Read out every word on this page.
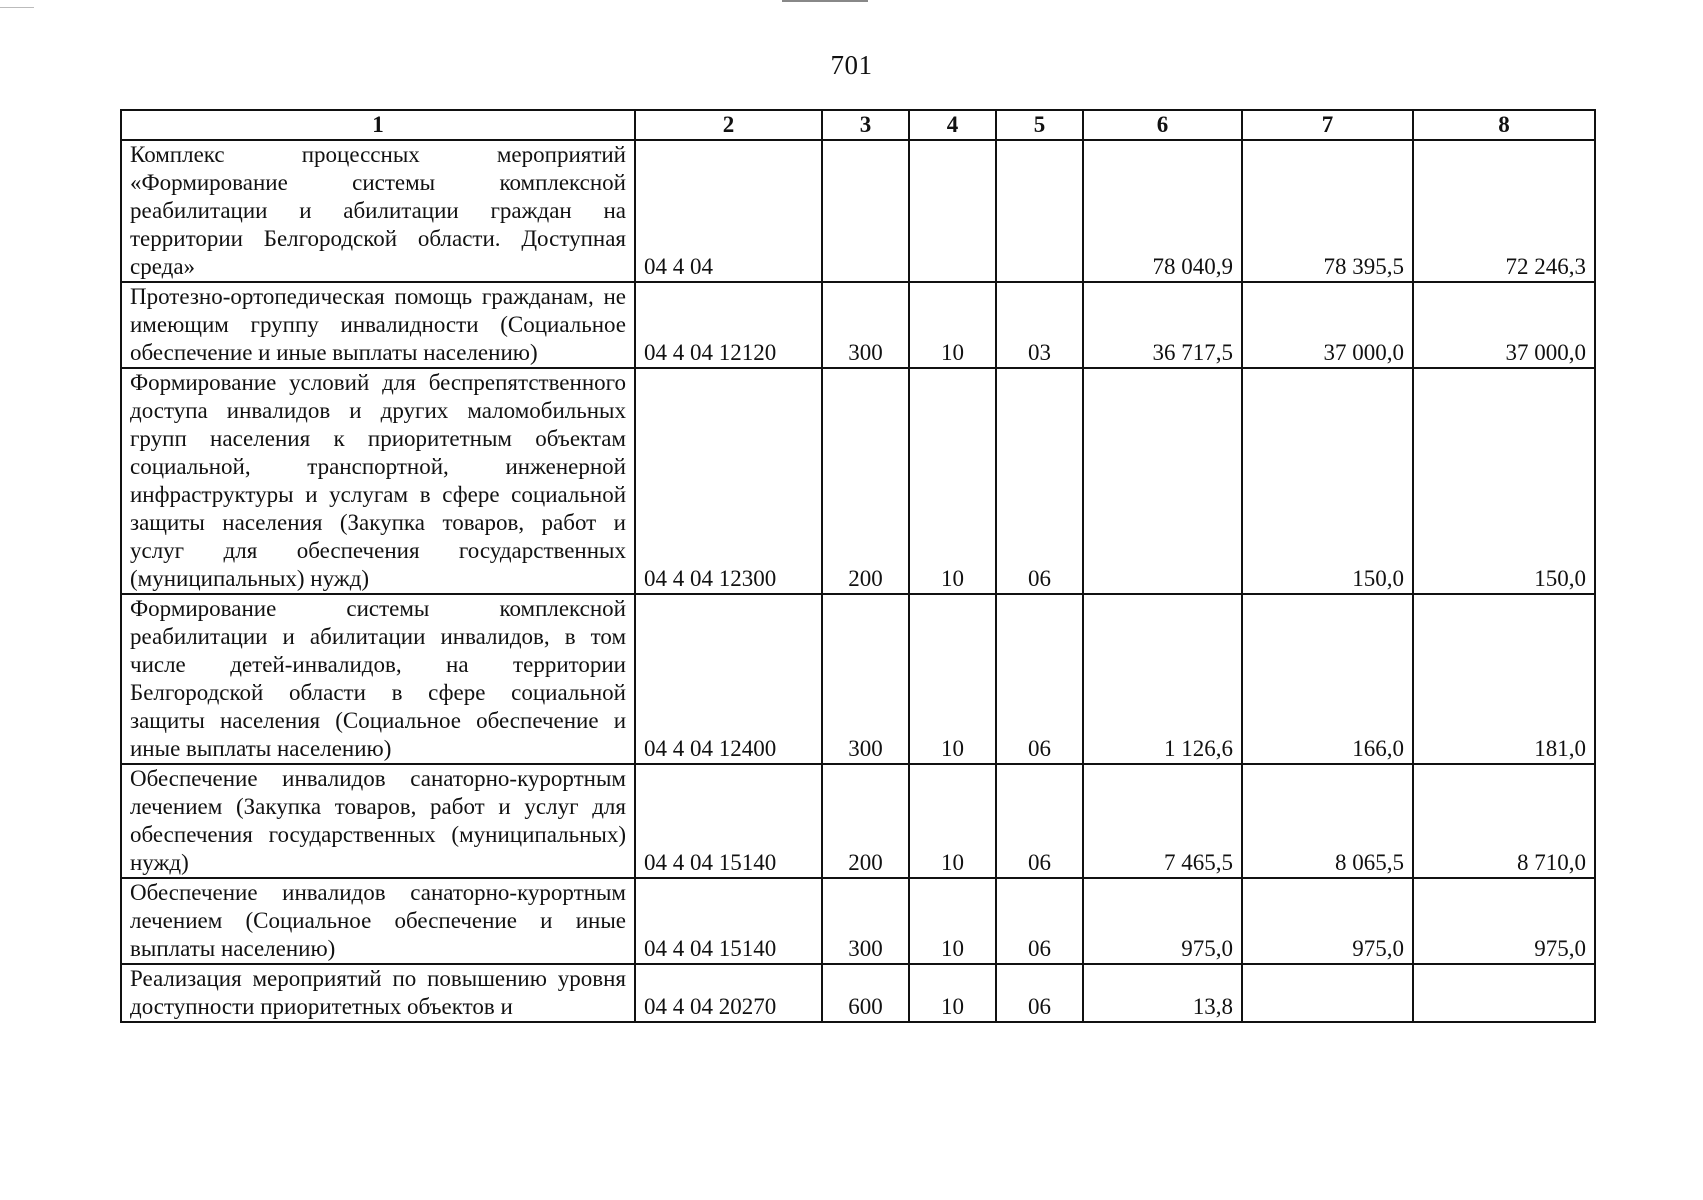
701
1	2	3	4	5	6	7	8
Комплекс процессных мероприятий «Формирование системы комплексной реабилитации и абилитации граждан на территории Белгородской области. Доступная среда»	04 4 04				78 040,9	78 395,5	72 246,3
Протезно-ортопедическая помощь гражданам, не имеющим группу инвалидности (Социальное обеспечение и иные выплаты населению)	04 4 04 12120	300	10	03	36 717,5	37 000,0	37 000,0
Формирование условий для беспрепятственного доступа инвалидов и других маломобильных групп населения к приоритетным объектам социальной, транспортной, инженерной инфраструктуры и услугам в сфере социальной защиты населения (Закупка товаров, работ и услуг для обеспечения государственных (муниципальных) нужд)	04 4 04 12300	200	10	06		150,0	150,0
Формирование системы комплексной реабилитации и абилитации инвалидов, в том числе детей-инвалидов, на территории Белгородской области в сфере социальной защиты населения (Социальное обеспечение и иные выплаты населению)	04 4 04 12400	300	10	06	1 126,6	166,0	181,0
Обеспечение инвалидов санаторно-курортным лечением (Закупка товаров, работ и услуг для обеспечения государственных (муниципальных) нужд)	04 4 04 15140	200	10	06	7 465,5	8 065,5	8 710,0
Обеспечение инвалидов санаторно-курортным лечением (Социальное обеспечение и иные выплаты населению)	04 4 04 15140	300	10	06	975,0	975,0	975,0
Реализация мероприятий по повышению уровня доступности приоритетных объектов и	04 4 04 20270	600	10	06	13,8		
